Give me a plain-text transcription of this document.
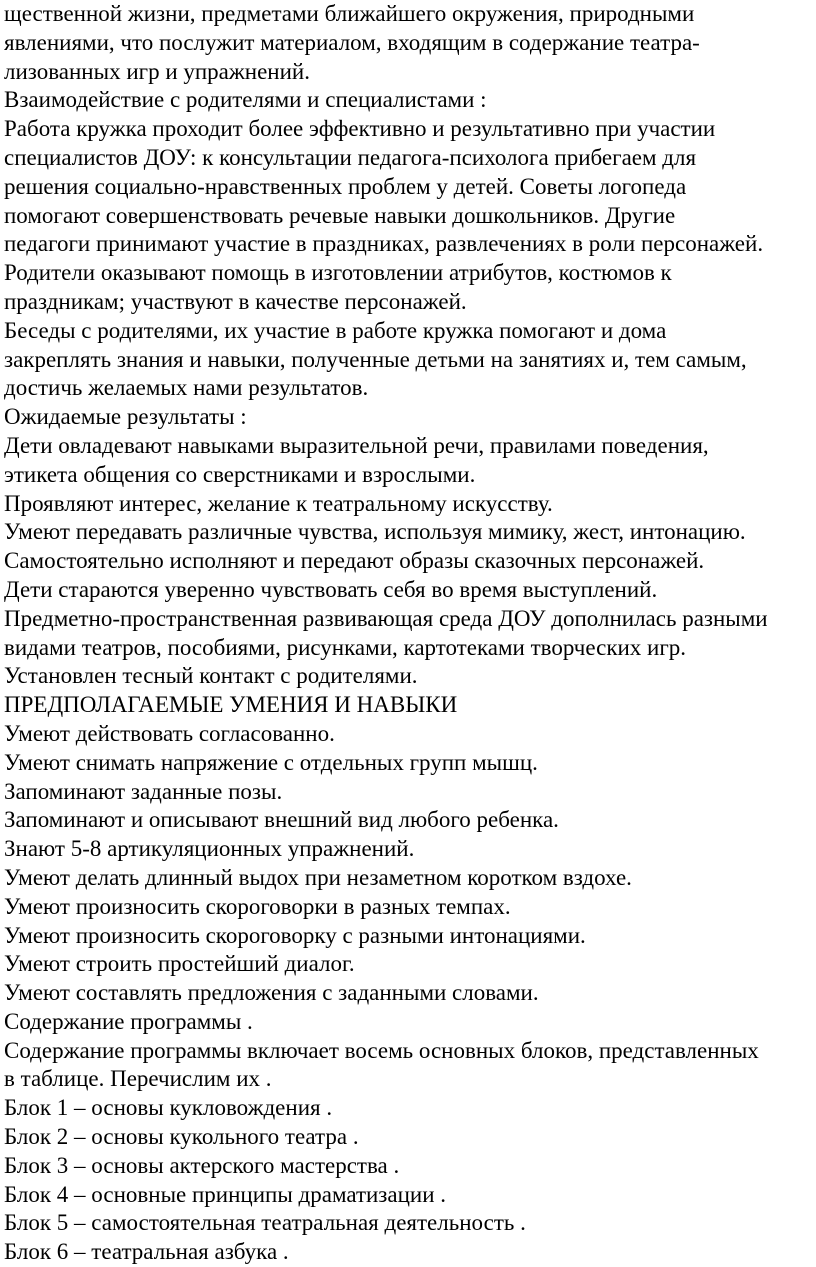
щественной жизни, предметами ближайшего окружения, природными
явлениями, что послужит материалом, входящим в содержание театра-
лизованных игр и упражнений.
Взаимодействие с родителями и специалистами :
Работа кружка проходит более эффективно и результативно при участии
специалистов ДОУ: к консультации педагога-психолога прибегаем для
решения социально-нравственных проблем у детей. Советы логопеда
помогают совершенствовать речевые навыки дошкольников. Другие
педагоги принимают участие в праздниках, развлечениях в роли персонажей.
Родители оказывают помощь в изготовлении атрибутов, костюмов к
праздникам; участвуют в качестве персонажей.
Беседы с родителями, их участие в работе кружка помогают и дома
закреплять знания и навыки, полученные детьми на занятиях и, тем самым,
достичь желаемых нами результатов.
Ожидаемые результаты :
Дети овладевают навыками выразительной речи, правилами поведения,
этикета общения со сверстниками и взрослыми.
Проявляют интерес, желание к театральному искусству.
Умеют передавать различные чувства, используя мимику, жест, интонацию.
Самостоятельно исполняют и передают образы сказочных персонажей.
Дети стараются уверенно чувствовать себя во время выступлений.
Предметно-пространственная развивающая среда ДОУ дополнилась разными
видами театров, пособиями, рисунками, картотеками творческих игр.
Установлен тесный контакт с родителями.
ПРЕДПОЛАГАЕМЫЕ УМЕНИЯ И НАВЫКИ
Умеют действовать согласованно.
Умеют снимать напряжение с отдельных групп мышц.
Запоминают заданные позы.
Запоминают и описывают внешний вид любого ребенка.
Знают 5-8 артикуляционных упражнений.
Умеют делать длинный выдох при незаметном коротком вздохе.
Умеют произносить скороговорки в разных темпах.
Умеют произносить скороговорку с разными интонациями.
Умеют строить простейший диалог.
Умеют составлять предложения с заданными словами.
Содержание программы .
Содержание программы включает восемь основных блоков, представленных
в таблице. Перечислим их .
Блок 1 – основы кукловождения .
Блок 2 – основы кукольного театра .
Блок 3 – основы актерского мастерства .
Блок 4 – основные принципы драматизации .
Блок 5 – самостоятельная театральная деятельность .
Блок 6 – театральная азбука .
